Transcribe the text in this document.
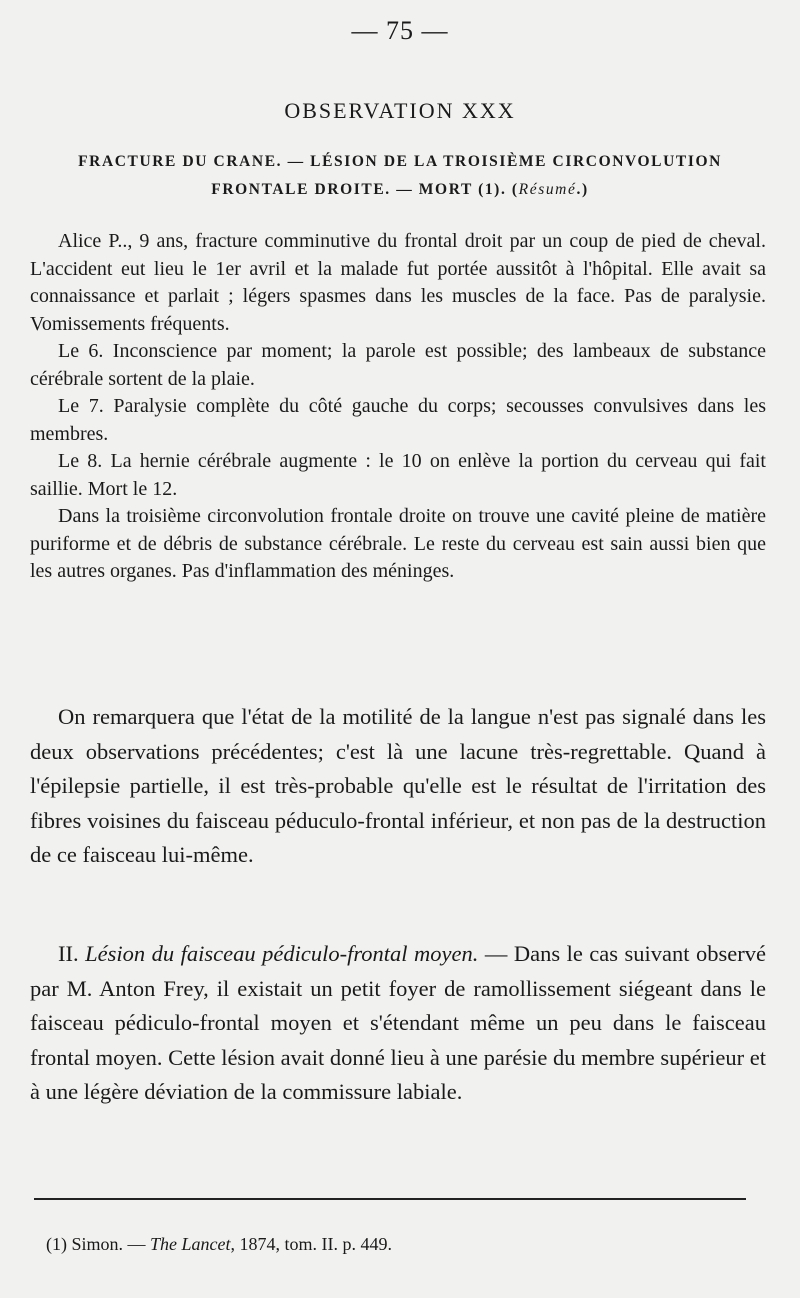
— 75 —
OBSERVATION XXX
FRACTURE DU CRANE. — LÉSION DE LA TROISIÈME CIRCONVOLUTION
FRONTALE DROITE. — MORT (1). (Résumé.)

Alice P.., 9 ans, fracture comminutive du frontal droit par un coup de pied de cheval. L'accident eut lieu le 1er avril et la malade fut portée aussitôt à l'hôpital. Elle avait sa connaissance et parlait ; légers spasmes dans les muscles de la face. Pas de paralysie. Vomissements fréquents.

Le 6. Inconscience par moment; la parole est possible; des lambeaux de substance cérébrale sortent de la plaie.

Le 7. Paralysie complète du côté gauche du corps; secousses convulsives dans les membres.

Le 8. La hernie cérébrale augmente : le 10 on enlève la portion du cerveau qui fait saillie. Mort le 12.

Dans la troisième circonvolution frontale droite on trouve une cavité pleine de matière puriforme et de débris de substance cérébrale. Le reste du cerveau est sain aussi bien que les autres organes. Pas d'inflammation des méninges.

On remarquera que l'état de la motilité de la langue n'est pas signalé dans les deux observations précédentes; c'est là une lacune très-regrettable. Quand à l'épilepsie partielle, il est très-probable qu'elle est le résultat de l'irritation des fibres voisines du faisceau péduculo-frontal inférieur, et non pas de la destruction de ce faisceau lui-même.

II. Lésion du faisceau pédiculo-frontal moyen. — Dans le cas suivant observé par M. Anton Frey, il existait un petit foyer de ramollissement siégeant dans le faisceau pédiculo-frontal moyen et s'étendant même un peu dans le faisceau frontal moyen. Cette lésion avait donné lieu à une parésie du membre supérieur et à une légère déviation de la commissure labiale.

(1) Simon. — The Lancet, 1874, tom. II. p. 449.
